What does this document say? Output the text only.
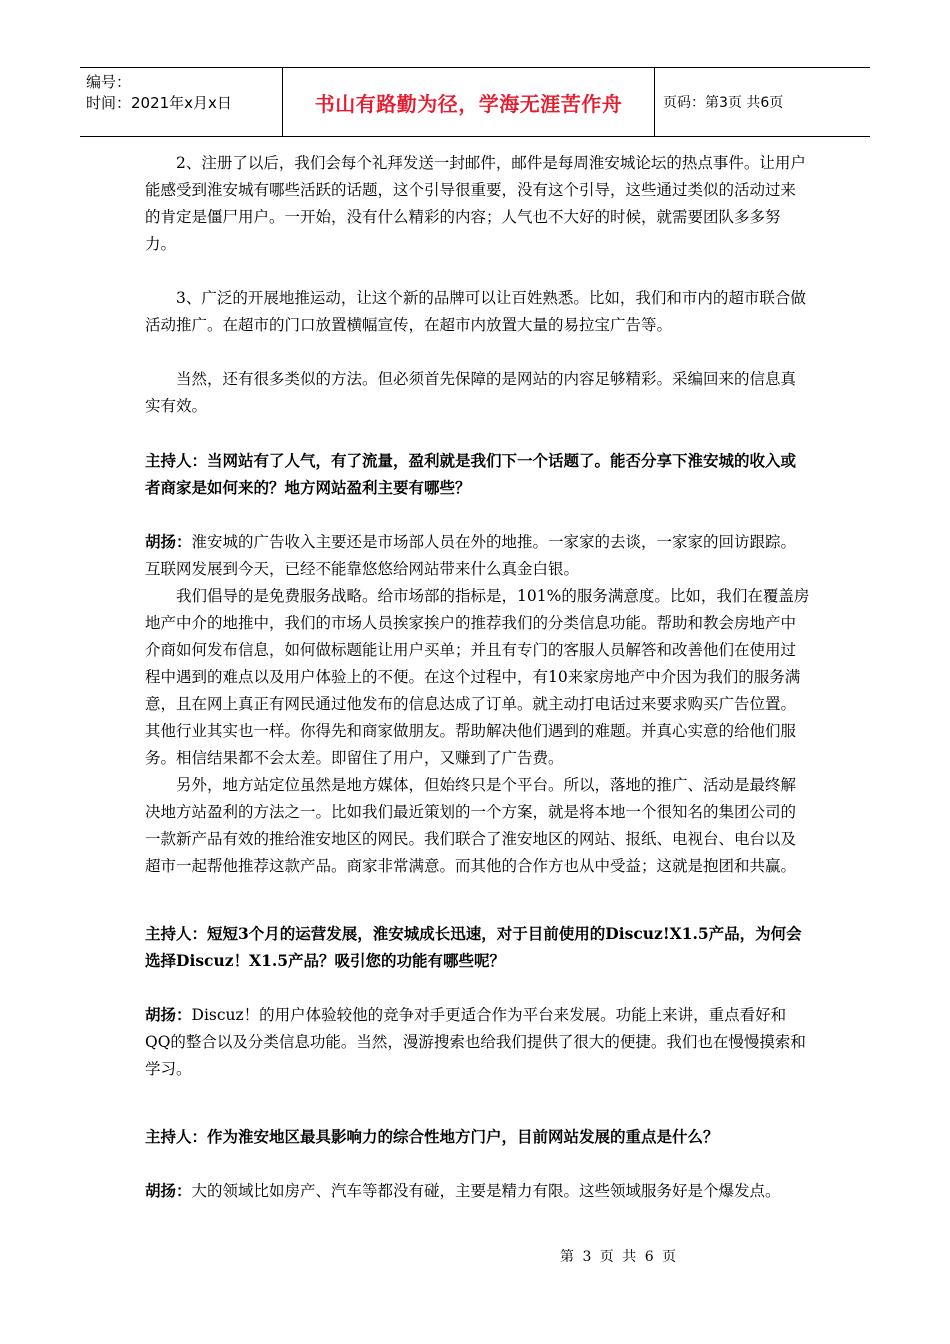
编号：
时间：2021年x月x日	书山有路勤为径，学海无涯苦作舟	页码：第3页 共6页

2、注册了以后，我们会每个礼拜发送一封邮件，邮件是每周淮安城论坛的热点事件。让用户能感受到淮安城有哪些活跃的话题，这个引导很重要，没有这个引导，这些通过类似的活动过来的肯定是僵尸用户。一开始，没有什么精彩的内容；人气也不大好的时候，就需要团队多多努力。

3、广泛的开展地推运动，让这个新的品牌可以让百姓熟悉。比如，我们和市内的超市联合做活动推广。在超市的门口放置横幅宣传，在超市内放置大量的易拉宝广告等。

当然，还有很多类似的方法。但必须首先保障的是网站的内容足够精彩。采编回来的信息真实有效。

主持人：当网站有了人气，有了流量，盈利就是我们下一个话题了。能否分享下淮安城的收入或者商家是如何来的？地方网站盈利主要有哪些？

胡扬：淮安城的广告收入主要还是市场部人员在外的地推。一家家的去谈，一家家的回访跟踪。互联网发展到今天，已经不能靠悠悠给网站带来什么真金白银。

我们倡导的是免费服务战略。给市场部的指标是，101%的服务满意度。比如，我们在覆盖房地产中介的地推中，我们的市场人员挨家挨户的推荐我们的分类信息功能。帮助和教会房地产中介商如何发布信息，如何做标题能让用户买单；并且有专门的客服人员解答和改善他们在使用过程中遇到的难点以及用户体验上的不便。在这个过程中，有10来家房地产中介因为我们的服务满意，且在网上真正有网民通过他发布的信息达成了订单。就主动打电话过来要求购买广告位置。其他行业其实也一样。你得先和商家做朋友。帮助解决他们遇到的难题。并真心实意的给他们服务。相信结果都不会太差。即留住了用户，又赚到了广告费。

另外，地方站定位虽然是地方媒体，但始终只是个平台。所以，落地的推广、活动是最终解决地方站盈利的方法之一。比如我们最近策划的一个方案，就是将本地一个很知名的集团公司的一款新产品有效的推给淮安地区的网民。我们联合了淮安地区的网站、报纸、电视台、电台以及超市一起帮他推荐这款产品。商家非常满意。而其他的合作方也从中受益；这就是抱团和共赢。

主持人：短短3个月的运营发展，淮安城成长迅速，对于目前使用的Discuz!X1.5产品，为何会选择Discuz！X1.5产品？吸引您的功能有哪些呢？

胡扬：Discuz！的用户体验较他的竞争对手更适合作为平台来发展。功能上来讲，重点看好和QQ的整合以及分类信息功能。当然，漫游搜索也给我们提供了很大的便捷。我们也在慢慢摸索和学习。

主持人：作为淮安地区最具影响力的综合性地方门户，目前网站发展的重点是什么？

胡扬：大的领域比如房产、汽车等都没有碰，主要是精力有限。这些领域服务好是个爆发点。

第 3 页 共 6 页
